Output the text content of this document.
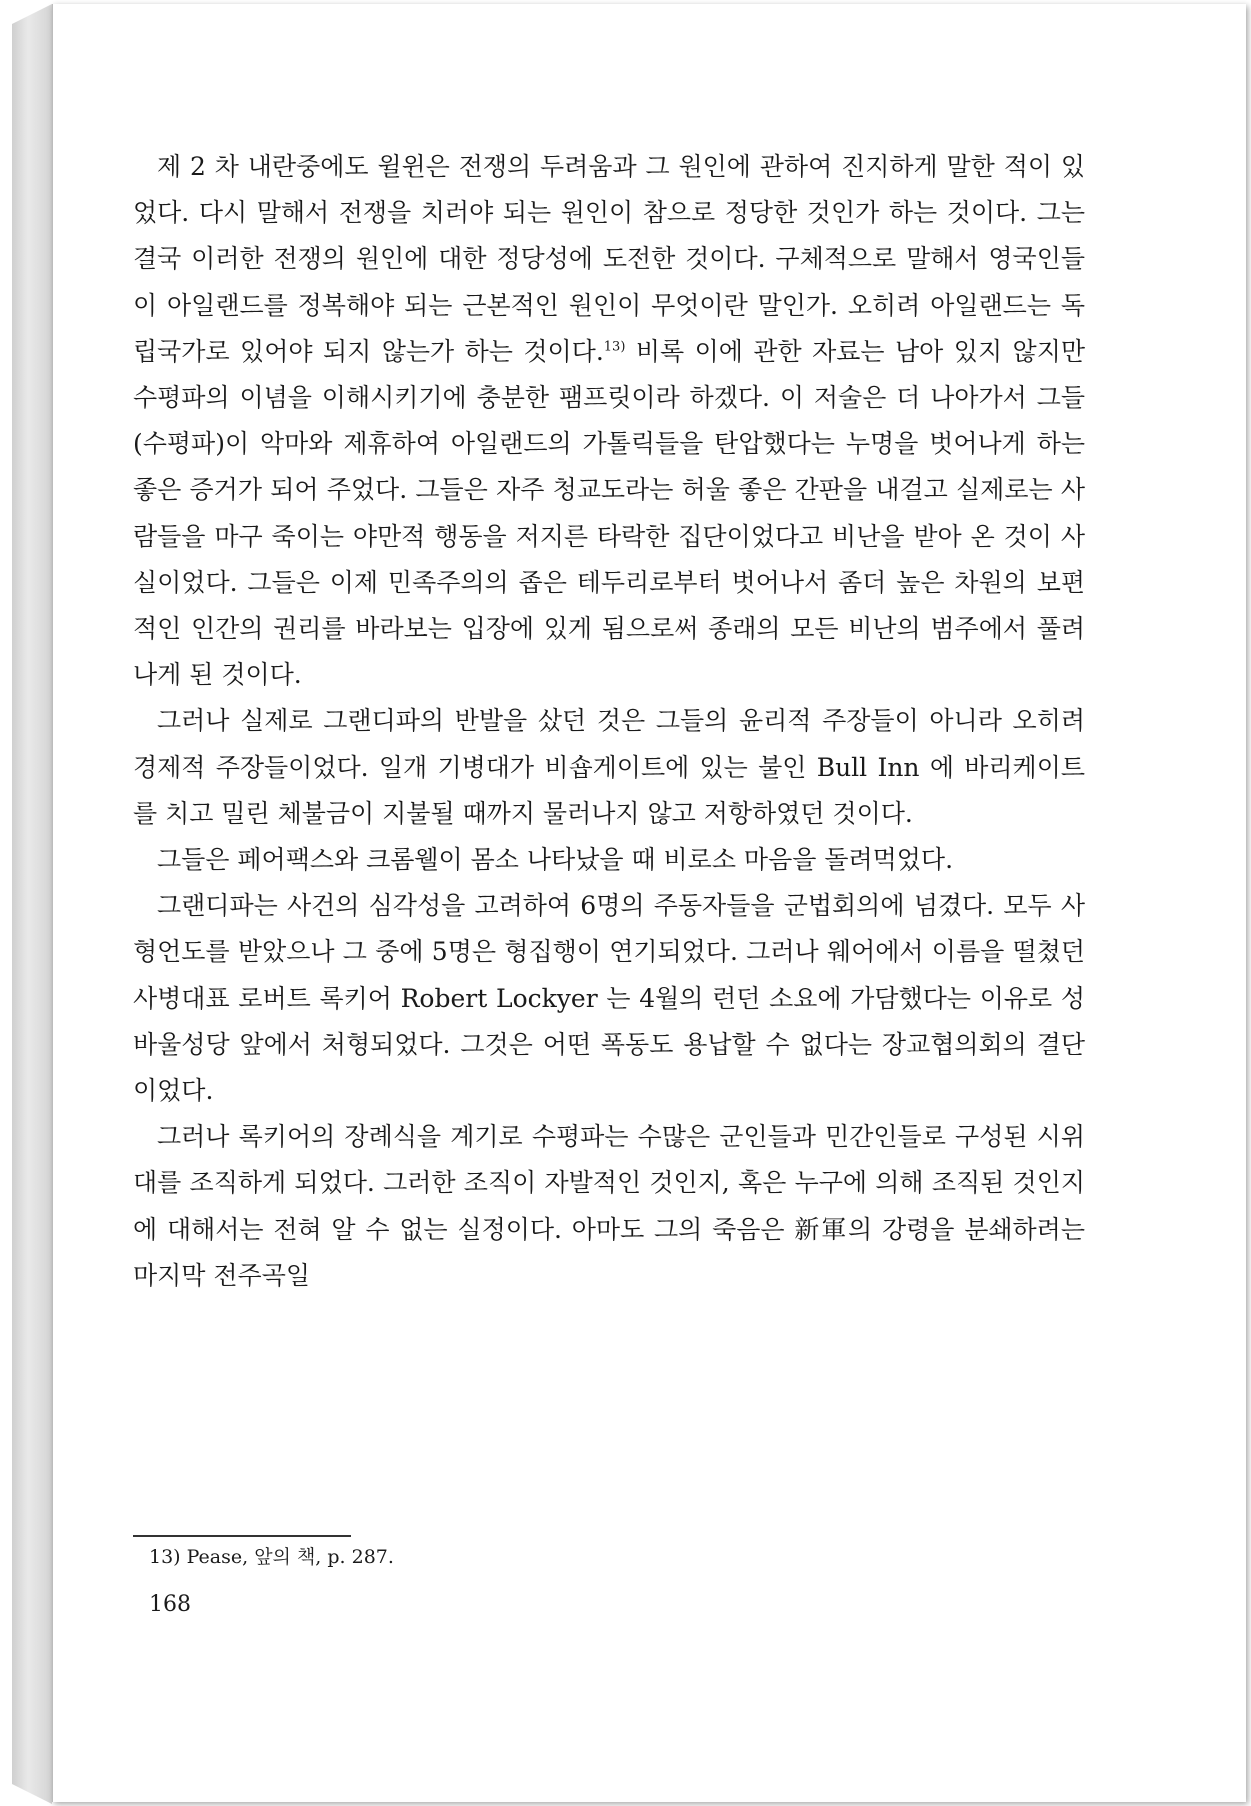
제 2 차 내란중에도 윌윈은 전쟁의 두려움과 그 원인에 관하여 진지하게 말한 적이 있었다. 다시 말해서 전쟁을 치러야 되는 원인이 참으로 정당한 것인가 하는 것이다. 그는 결국 이러한 전쟁의 원인에 대한 정당성에 도전한 것이다. 구체적으로 말해서 영국인들이 아일랜드를 정복해야 되는 근본적인 원인이 무엇이란 말인가. 오히려 아일랜드는 독립국가로 있어야 되지 않는가 하는 것이다.$^{13)}$ 비록 이에 관한 자료는 남아 있지 않지만 수평파의 이념을 이해시키기에 충분한 팸프릿이라 하겠다. 이 저술은 더 나아가서 그들(수평파)이 악마와 제휴하여 아일랜드의 가톨릭들을 탄압했다는 누명을 벗어나게 하는 좋은 증거가 되어 주었다. 그들은 자주 청교도라는 허울 좋은 간판을 내걸고 실제로는 사람들을 마구 죽이는 야만적 행동을 저지른 타락한 집단이었다고 비난을 받아 온 것이 사실이었다. 그들은 이제 민족주의의 좁은 테두리로부터 벗어나서 좀더 높은 차원의 보편적인 인간의 권리를 바라보는 입장에 있게 됨으로써 종래의 모든 비난의 범주에서 풀려나게 된 것이다.

그러나 실제로 그랜디파의 반발을 샀던 것은 그들의 윤리적 주장들이 아니라 오히려 경제적 주장들이었다. 일개 기병대가 비숍게이트에 있는 불인 Bull Inn 에 바리케이트를 치고 밀린 체불금이 지불될 때까지 물러나지 않고 저항하였던 것이다.

그들은 페어팩스와 크롬웰이 몸소 나타났을 때 비로소 마음을 돌려먹었다.

그랜디파는 사건의 심각성을 고려하여 6명의 주동자들을 군법회의에 넘겼다. 모두 사형언도를 받았으나 그 중에 5명은 형집행이 연기되었다. 그러나 웨어에서 이름을 떨쳤던 사병대표 로버트 록키어 Robert Lockyer 는 4월의 런던 소요에 가담했다는 이유로 성 바울성당 앞에서 처형되었다. 그것은 어떤 폭동도 용납할 수 없다는 장교협의회의 결단이었다.

그러나 록키어의 장례식을 계기로 수평파는 수많은 군인들과 민간인들로 구성된 시위대를 조직하게 되었다. 그러한 조직이 자발적인 것인지, 혹은 누구에 의해 조직된 것인지에 대해서는 전혀 알 수 없는 실정이다. 아마도 그의 죽음은 新軍의 강령을 분쇄하려는 마지막 전주곡일

13) Pease, 앞의 책, p. 287.
168
